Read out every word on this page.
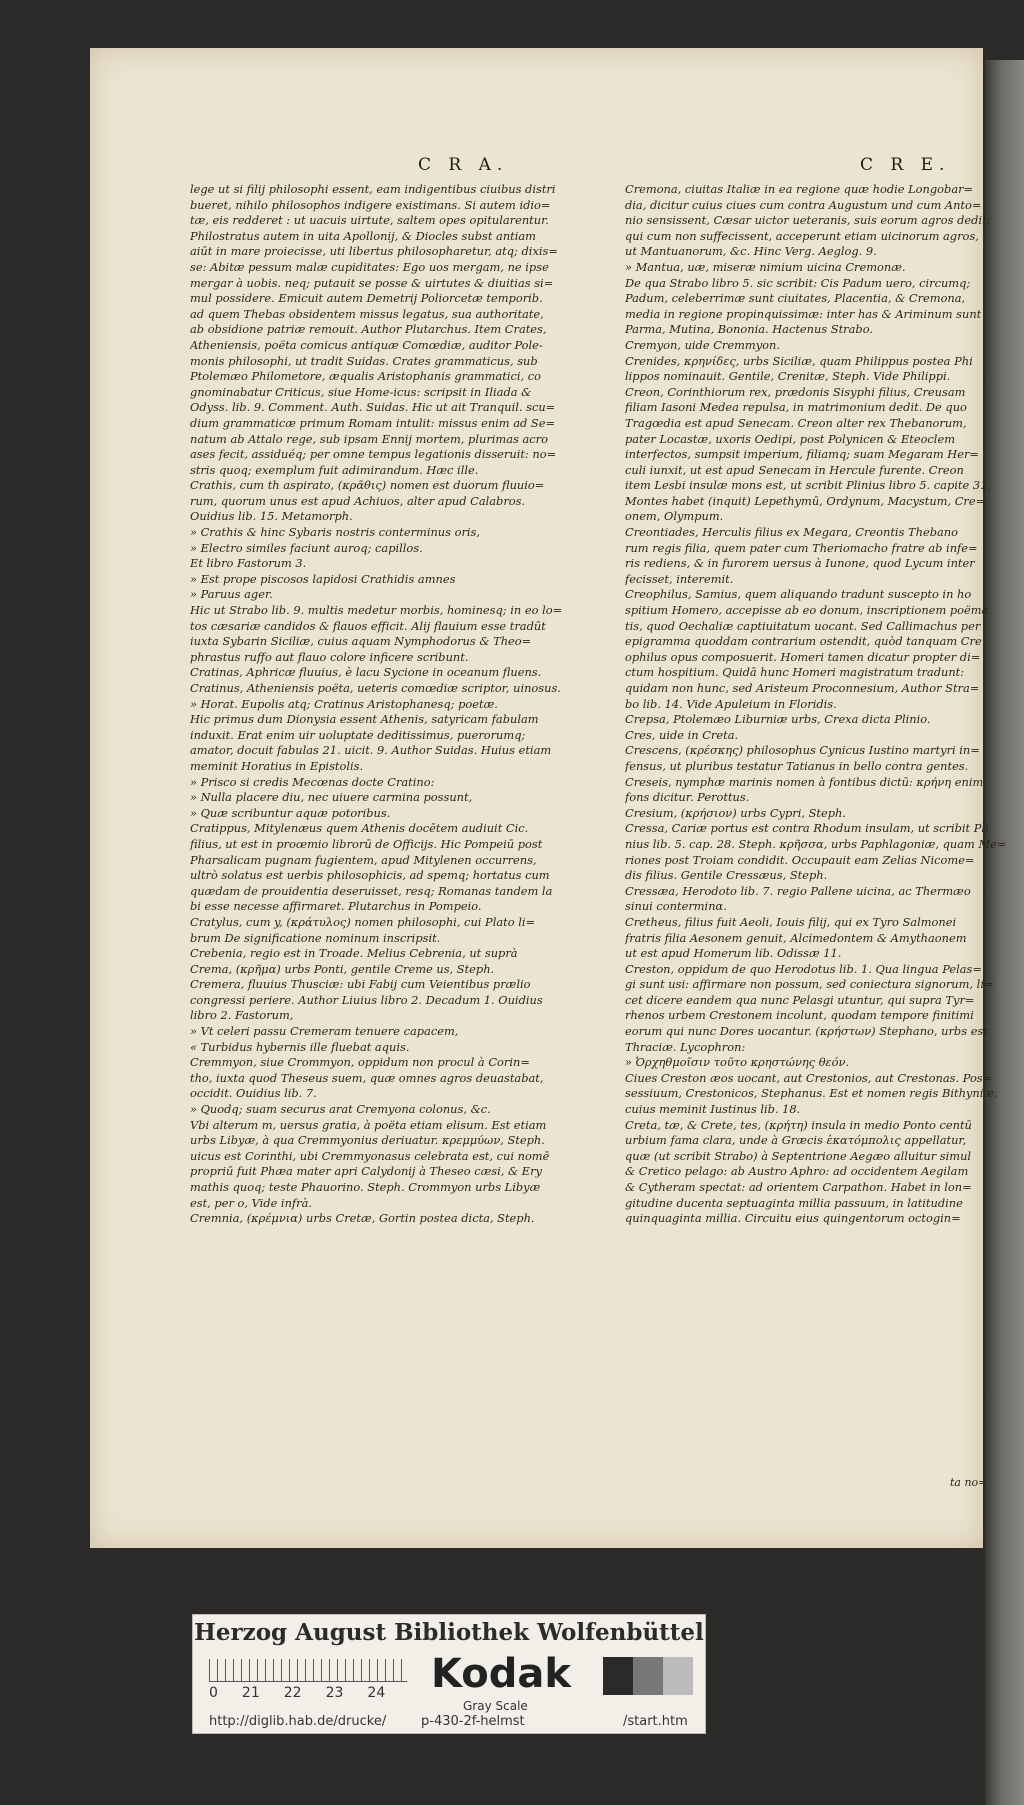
C R A.	C R E.
lege ut si filij philosophi essent, eam indigentibus ciuibus distri
bueret, nihilo philosophos indigere existimans. Si autem idio=
tæ, eis redderet : ut uacuis uirtute, saltem opes opitularentur.
Philostratus autem in uita Apollonij, & Diocles subst antiam
aiūt in mare proiecisse, uti libertus philosopharetur, atq; dixis=
se: Abitæ pessum malæ cupiditates: Ego uos mergam, ne ipse
mergar à uobis. neq; putauit se posse & uirtutes & diuitias si=
mul possidere. Emicuit autem Demetrij Poliorcetæ temporib.
ad quem Thebas obsidentem missus legatus, sua authoritate,
ab obsidione patriæ remouit. Author Plutarchus. Item Crates,
Atheniensis, poëta comicus antiquæ Comœdiæ, auditor Pole-
monis philosophi, ut tradit Suidas. Crates grammaticus, sub
Ptolemæo Philometore, æqualis Aristophanis grammatici, co
gnominabatur Criticus, siue Home-icus: scripsit in Iliada &
Odyss. lib. 9. Comment. Auth. Suidas. Hic ut ait Tranquil. scu=
dium grammaticæ primum Romam intulit: missus enim ad Se=
natum ab Attalo rege, sub ipsam Ennij mortem, plurimas acro
ases fecit, assiduéq; per omne tempus legationis disseruit: no=
stris quoq; exemplum fuit adimirandum. Hæc ille.
Crathis, cum th aspirato, (κρᾶθις) nomen est duorum fluuio=
rum, quorum unus est apud Achiuos, alter apud Calabros.
Ouidius lib. 15. Metamorph.
» Crathis & hinc Sybaris nostris conterminus oris,
» Electro similes faciunt auroq; capillos.
Et libro Fastorum 3.
» Est prope piscosos lapidosi Crathidis amnes
» Paruus ager.
Hic ut Strabo lib. 9. multis medetur morbis, hominesq; in eo lo=
tos cæsariæ candidos & flauos efficit. Alij flauium esse tradūt
iuxta Sybarin Siciliæ, cuius aquam Nymphodorus & Theo=
phrastus ruffo aut flauo colore inficere scribunt.
Cratinas, Aphricæ fluuius, è lacu Sycione in oceanum fluens.
Cratinus, Atheniensis poëta, ueteris comœdiæ scriptor, uinosus.
» Horat. Eupolis atq; Cratinus Aristophanesq; poetæ.
Hic primus dum Dionysia essent Athenis, satyricam fabulam
induxit. Erat enim uir uoluptate deditissimus, puerorumq;
amator, docuit fabulas 21. uicit. 9. Author Suidas. Huius etiam
meminit Horatius in Epistolis.
» Prisco si credis Mecœnas docte Cratino:
» Nulla placere diu, nec uiuere carmina possunt,
» Quæ scribuntur aquæ potoribus.
Cratippus, Mitylenæus quem Athenis docētem audiuit Cic.
filius, ut est in proœmio librorū de Officijs. Hic Pompeiū post
Pharsalicam pugnam fugientem, apud Mitylenen occurrens,
ultrò solatus est uerbis philosophicis, ad spemq; hortatus cum
quædam de prouidentia deseruisset, resq; Romanas tandem la
bi esse necesse affirmaret. Plutarchus in Pompeio.
Cratylus, cum y, (κράτυλος) nomen philosophi, cui Plato li=
brum De significatione nominum inscripsit.
Crebenia, regio est in Troade. Melius Cebrenia, ut suprà
Crema, (κρῆμα) urbs Ponti, gentile Creme us, Steph.
Cremera, fluuius Thusciæ: ubi Fabij cum Veientibus prælio
congressi periere. Author Liuius libro 2. Decadum 1. Ouidius
libro 2. Fastorum,
» Vt celeri passu Cremeram tenuere capacem,
« Turbidus hybernis ille fluebat aquis.
Cremmyon, siue Crommyon, oppidum non procul à Corin=
tho, iuxta quod Theseus suem, quæ omnes agros deuastabat,
occidit. Ouidius lib. 7.
» Quodq; suam securus arat Cremyona colonus, &c.
Vbi alterum m, uersus gratia, à poëta etiam elisum. Est etiam
urbs Libyæ, à qua Cremmyonius deriuatur. κρεμμύων, Steph.
uicus est Corinthi, ubi Cremmyonasus celebrata est, cui nomē
propriū fuit Phæa mater apri Calydonij à Theseo cæsi, & Ery
mathis quoq; teste Phauorino. Steph. Crommyon urbs Libyæ
est, per o, Vide infrà.
Cremnia, (κρέμνια) urbs Cretæ, Gortin postea dicta, Steph.
Cremona, ciuitas Italiæ in ea regione quæ hodie Longobar=
dia, dicitur cuius ciues cum contra Augustum und cum Anto=
nio sensissent, Cæsar uictor ueteranis, suis eorum agros dedit:
qui cum non suffecissent, acceperunt etiam uicinorum agros,
ut Mantuanorum, &c. Hinc Verg. Aeglog. 9.
» Mantua, uæ, miseræ nimium uicina Cremonæ.
De qua Strabo libro 5. sic scribit: Cis Padum uero, circumq;
Padum, celeberrimæ sunt ciuitates, Placentia, & Cremona,
media in regione propinquissimæ: inter has & Ariminum sunt
Parma, Mutina, Bononia. Hactenus Strabo.
Cremyon, uide Cremmyon.
Crenides, κρηνίδες, urbs Siciliæ, quam Philippus postea Phi
lippos nominauit. Gentile, Crenitæ, Steph. Vide Philippi.
Creon, Corinthiorum rex, prædonis Sisyphi filius, Creusam
filiam Iasoni Medea repulsa, in matrimonium dedit. De quo
Tragœdia est apud Senecam. Creon alter rex Thebanorum,
pater Locastæ, uxoris Oedipi, post Polynicen & Eteoclem
interfectos, sumpsit imperium, filiamq; suam Megaram Her=
culi iunxit, ut est apud Senecam in Hercule furente. Creon
item Lesbi insulæ mons est, ut scribit Plinius libro 5. capite 31.
Montes habet (inquit) Lepethymū, Ordynum, Macystum, Cre=
onem, Olympum.
Creontiades, Herculis filius ex Megara, Creontis Thebano
rum regis filia, quem pater cum Theriomacho fratre ab infe=
ris rediens, & in furorem uersus à Iunone, quod Lycum inter
fecisset, interemit.
Creophilus, Samius, quem aliquando tradunt suscepto in ho
spitium Homero, accepisse ab eo donum, inscriptionem poëma
tis, quod Oechaliæ captiuitatum uocant. Sed Callimachus per
epigramma quoddam contrarium ostendit, quòd tanquam Cre
ophilus opus composuerit. Homeri tamen dicatur propter di=
ctum hospitium. Quidā hunc Homeri magistratum tradunt:
quidam non hunc, sed Aristeum Proconnesium, Author Stra=
bo lib. 14. Vide Apuleium in Floridis.
Crepsa, Ptolemæo Liburniæ urbs, Crexa dicta Plinio.
Cres, uide in Creta.
Crescens, (κρέσκης) philosophus Cynicus Iustino martyri in=
fensus, ut pluribus testatur Tatianus in bello contra gentes.
Creseis, nymphæ marinis nomen à fontibus dictū: κρήνη enim
fons dicitur. Perottus.
Cresium, (κρήσιον) urbs Cypri, Steph.
Cressa, Cariæ portus est contra Rhodum insulam, ut scribit Pli
nius lib. 5. cap. 28. Steph. κρῆσσα, urbs Paphlagoniæ, quam Me=
riones post Troiam condidit. Occupauit eam Zelias Nicome=
dis filius. Gentile Cressæus, Steph.
Cressæa, Herodoto lib. 7. regio Pallene uicina, ac Thermæo
sinui conterminα.
Cretheus, filius fuit Aeoli, Iouis filij, qui ex Tyro Salmonei
fratris filia Aesonem genuit, Alcimedontem & Amythaonem
ut est apud Homerum lib. Odissæ 11.
Creston, oppidum de quo Herodotus lib. 1. Qua lingua Pelas=
gi sunt usi: affirmare non possum, sed coniectura signorum, li=
cet dicere eandem qua nunc Pelasgi utuntur, qui supra Tyr=
rhenos urbem Crestonem incolunt, quodam tempore finitimi
eorum qui nunc Dores uocantur. (κρήστων) Stephano, urbs est
Thraciæ. Lycophron:
» Ὀρχηθμοῖσιν τοῦτο κρηστώνης θεόν.
Ciues Creston æos uocant, aut Crestonios, aut Crestonas. Pos=
sessiuum, Crestonicos, Stephanus. Est et nomen regis Bithyniæ,
cuius meminit Iustinus lib. 18.
Creta, tæ, & Crete, tes, (κρήτη) insula in medio Ponto centū
urbium fama clara, unde à Græcis ἑκατόμπολις appellatur,
quæ (ut scribit Strabo) à Septentrione Aegæo alluitur simul
& Cretico pelago: ab Austro Aphro: ad occidentem Aegilam
& Cytheram spectat: ad orientem Carpathon. Habet in lon=
gitudine ducenta septuaginta millia passuum, in latitudine
quinquaginta millia. Circuitu eius quingentorum octogin=
ta no=
Herzog August Bibliothek Wolfenbüttel
0 21 22 23 24 Kodak
Gray Scale
http://diglib.hab.de/drucke/	p-430-2f-helmst	/start.htm
